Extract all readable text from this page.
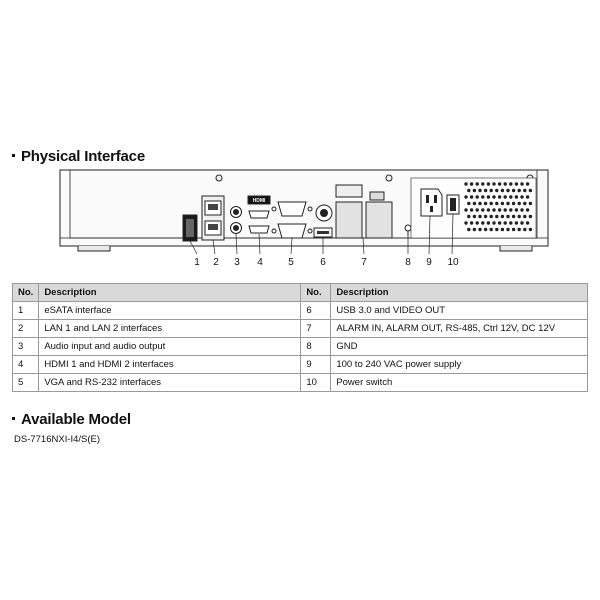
Physical Interface
HDMI
1 2 3 4	5	6	7	8 9 10
No.	Description	No.	Description
1	eSATA interface	6	USB 3.0 and VIDEO OUT
2	LAN 1 and LAN 2 interfaces	7	ALARM IN, ALARM OUT, RS-485, Ctrl 12V, DC 12V
3	Audio input and audio output	8	GND
4	HDMI 1 and HDMI 2 interfaces	9	100 to 240 VAC power supply
5	VGA and RS-232 interfaces	10	Power switch
Available Model
DS-7716NXI-I4/S(E)
